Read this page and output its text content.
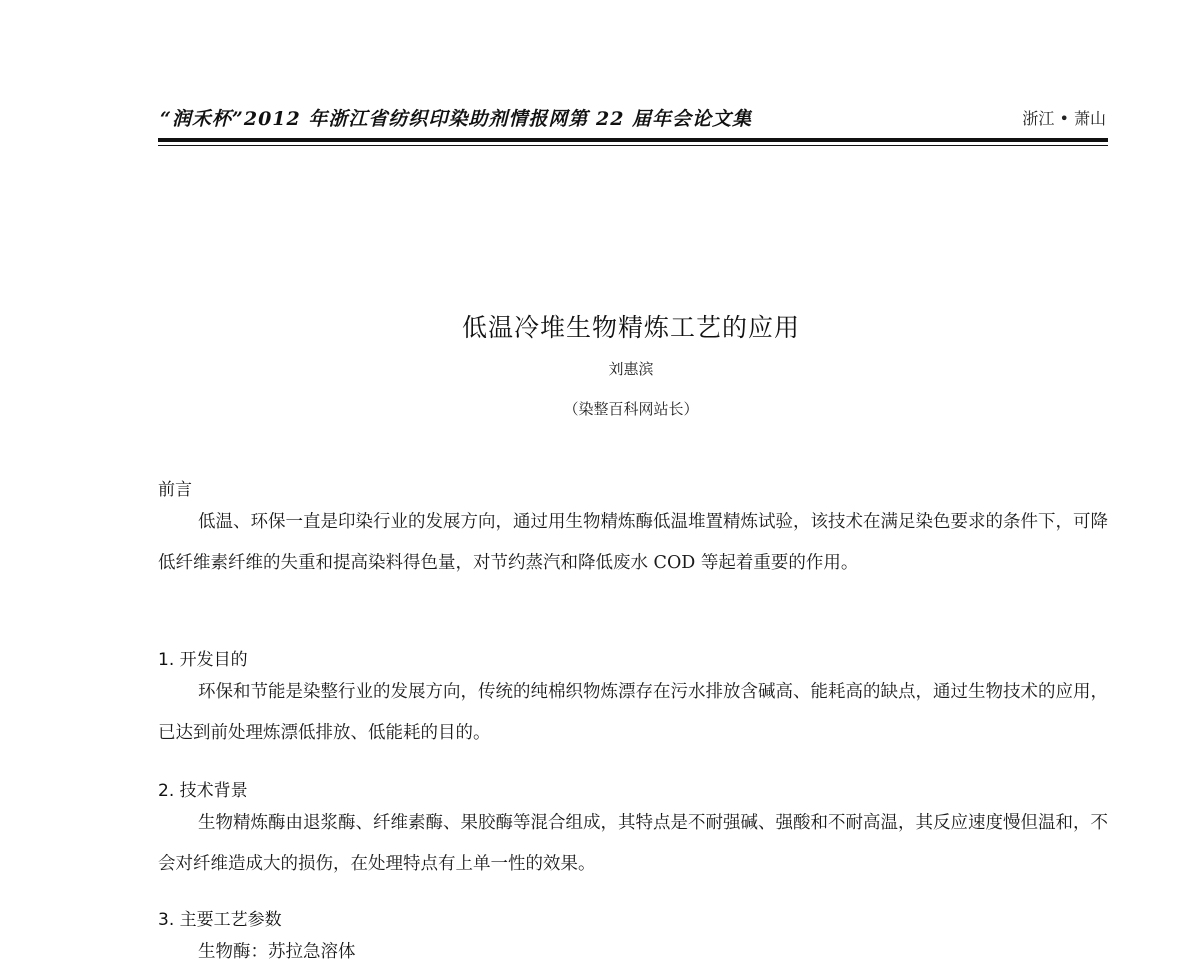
“润禾杯”2012 年浙江省纺织印染助剂情报网第 22 届年会论文集	浙江 • 萧山
低温冷堆生物精炼工艺的应用
刘惠滨
（染整百科网站长）
前言

低温、环保一直是印染行业的发展方向，通过用生物精炼酶低温堆置精炼试验，该技术在满足染色要求的条件下，可降低纤维素纤维的失重和提高染料得色量，对节约蒸汽和降低废水 COD 等起着重要的作用。

1. 开发目的

环保和节能是染整行业的发展方向，传统的纯棉织物炼漂存在污水排放含碱高、能耗高的缺点，通过生物技术的应用，已达到前处理炼漂低排放、低能耗的目的。

2. 技术背景

生物精炼酶由退浆酶、纤维素酶、果胶酶等混合组成，其特点是不耐强碱、强酸和不耐高温，其反应速度慢但温和，不会对纤维造成大的损伤，在处理特点有上单一性的效果。

3. 主要工艺参数

生物酶：苏拉急溶体
